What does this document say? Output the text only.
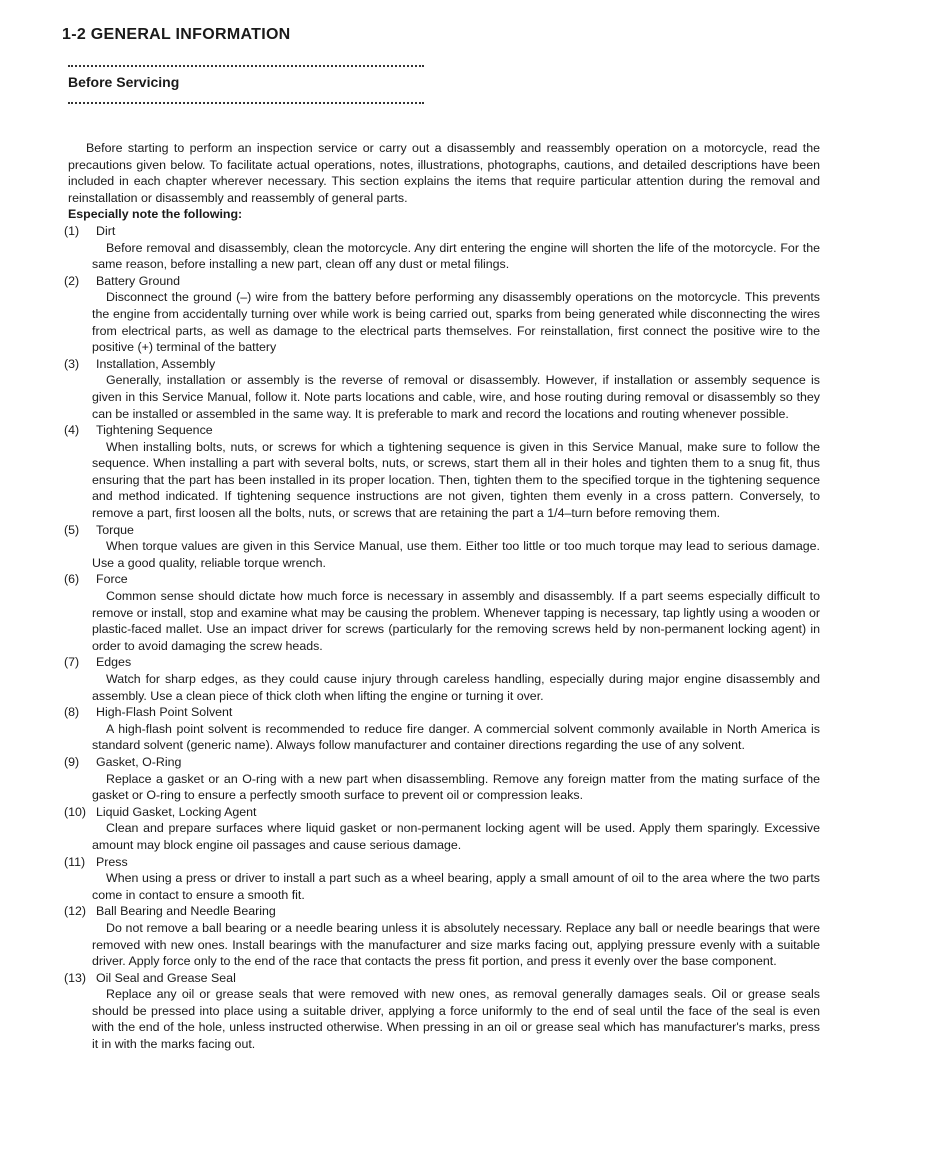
1-2 GENERAL INFORMATION
Before Servicing

Before starting to perform an inspection service or carry out a disassembly and reassembly operation on a motorcycle, read the precautions given below. To facilitate actual operations, notes, illustrations, photographs, cautions, and detailed descriptions have been included in each chapter wherever necessary. This section explains the items that require particular attention during the removal and reinstallation or disassembly and reassembly of general parts.

Especially note the following:

(1) Dirt

Before removal and disassembly, clean the motorcycle. Any dirt entering the engine will shorten the life of the motorcycle. For the same reason, before installing a new part, clean off any dust or metal filings.

(2) Battery Ground

Disconnect the ground (–) wire from the battery before performing any disassembly operations on the motorcycle. This prevents the engine from accidentally turning over while work is being carried out, sparks from being generated while disconnecting the wires from electrical parts, as well as damage to the electrical parts themselves. For reinstallation, first connect the positive wire to the positive (+) terminal of the battery

(3) Installation, Assembly

Generally, installation or assembly is the reverse of removal or disassembly. However, if installation or assembly sequence is given in this Service Manual, follow it. Note parts locations and cable, wire, and hose routing during removal or disassembly so they can be installed or assembled in the same way. It is preferable to mark and record the locations and routing whenever possible.

(4) Tightening Sequence

When installing bolts, nuts, or screws for which a tightening sequence is given in this Service Manual, make sure to follow the sequence. When installing a part with several bolts, nuts, or screws, start them all in their holes and tighten them to a snug fit, thus ensuring that the part has been installed in its proper location. Then, tighten them to the specified torque in the tightening sequence and method indicated. If tightening sequence instructions are not given, tighten them evenly in a cross pattern. Conversely, to remove a part, first loosen all the bolts, nuts, or screws that are retaining the part a 1/4–turn before removing them.

(5) Torque

When torque values are given in this Service Manual, use them. Either too little or too much torque may lead to serious damage. Use a good quality, reliable torque wrench.

(6) Force

Common sense should dictate how much force is necessary in assembly and disassembly. If a part seems especially difficult to remove or install, stop and examine what may be causing the problem. Whenever tapping is necessary, tap lightly using a wooden or plastic-faced mallet. Use an impact driver for screws (particularly for the removing screws held by non-permanent locking agent) in order to avoid damaging the screw heads.

(7) Edges

Watch for sharp edges, as they could cause injury through careless handling, especially during major engine disassembly and assembly. Use a clean piece of thick cloth when lifting the engine or turning it over.

(8) High-Flash Point Solvent

A high-flash point solvent is recommended to reduce fire danger. A commercial solvent commonly available in North America is standard solvent (generic name). Always follow manufacturer and container directions regarding the use of any solvent.

(9) Gasket, O-Ring

Replace a gasket or an O-ring with a new part when disassembling. Remove any foreign matter from the mating surface of the gasket or O-ring to ensure a perfectly smooth surface to prevent oil or compression leaks.

(10) Liquid Gasket, Locking Agent

Clean and prepare surfaces where liquid gasket or non-permanent locking agent will be used. Apply them sparingly. Excessive amount may block engine oil passages and cause serious damage.

(11) Press

When using a press or driver to install a part such as a wheel bearing, apply a small amount of oil to the area where the two parts come in contact to ensure a smooth fit.

(12) Ball Bearing and Needle Bearing

Do not remove a ball bearing or a needle bearing unless it is absolutely necessary. Replace any ball or needle bearings that were removed with new ones. Install bearings with the manufacturer and size marks facing out, applying pressure evenly with a suitable driver. Apply force only to the end of the race that contacts the press fit portion, and press it evenly over the base component.

(13) Oil Seal and Grease Seal

Replace any oil or grease seals that were removed with new ones, as removal generally damages seals. Oil or grease seals should be pressed into place using a suitable driver, applying a force uniformly to the end of seal until the face of the seal is even with the end of the hole, unless instructed otherwise. When pressing in an oil or grease seal which has manufacturer's marks, press it in with the marks facing out.
